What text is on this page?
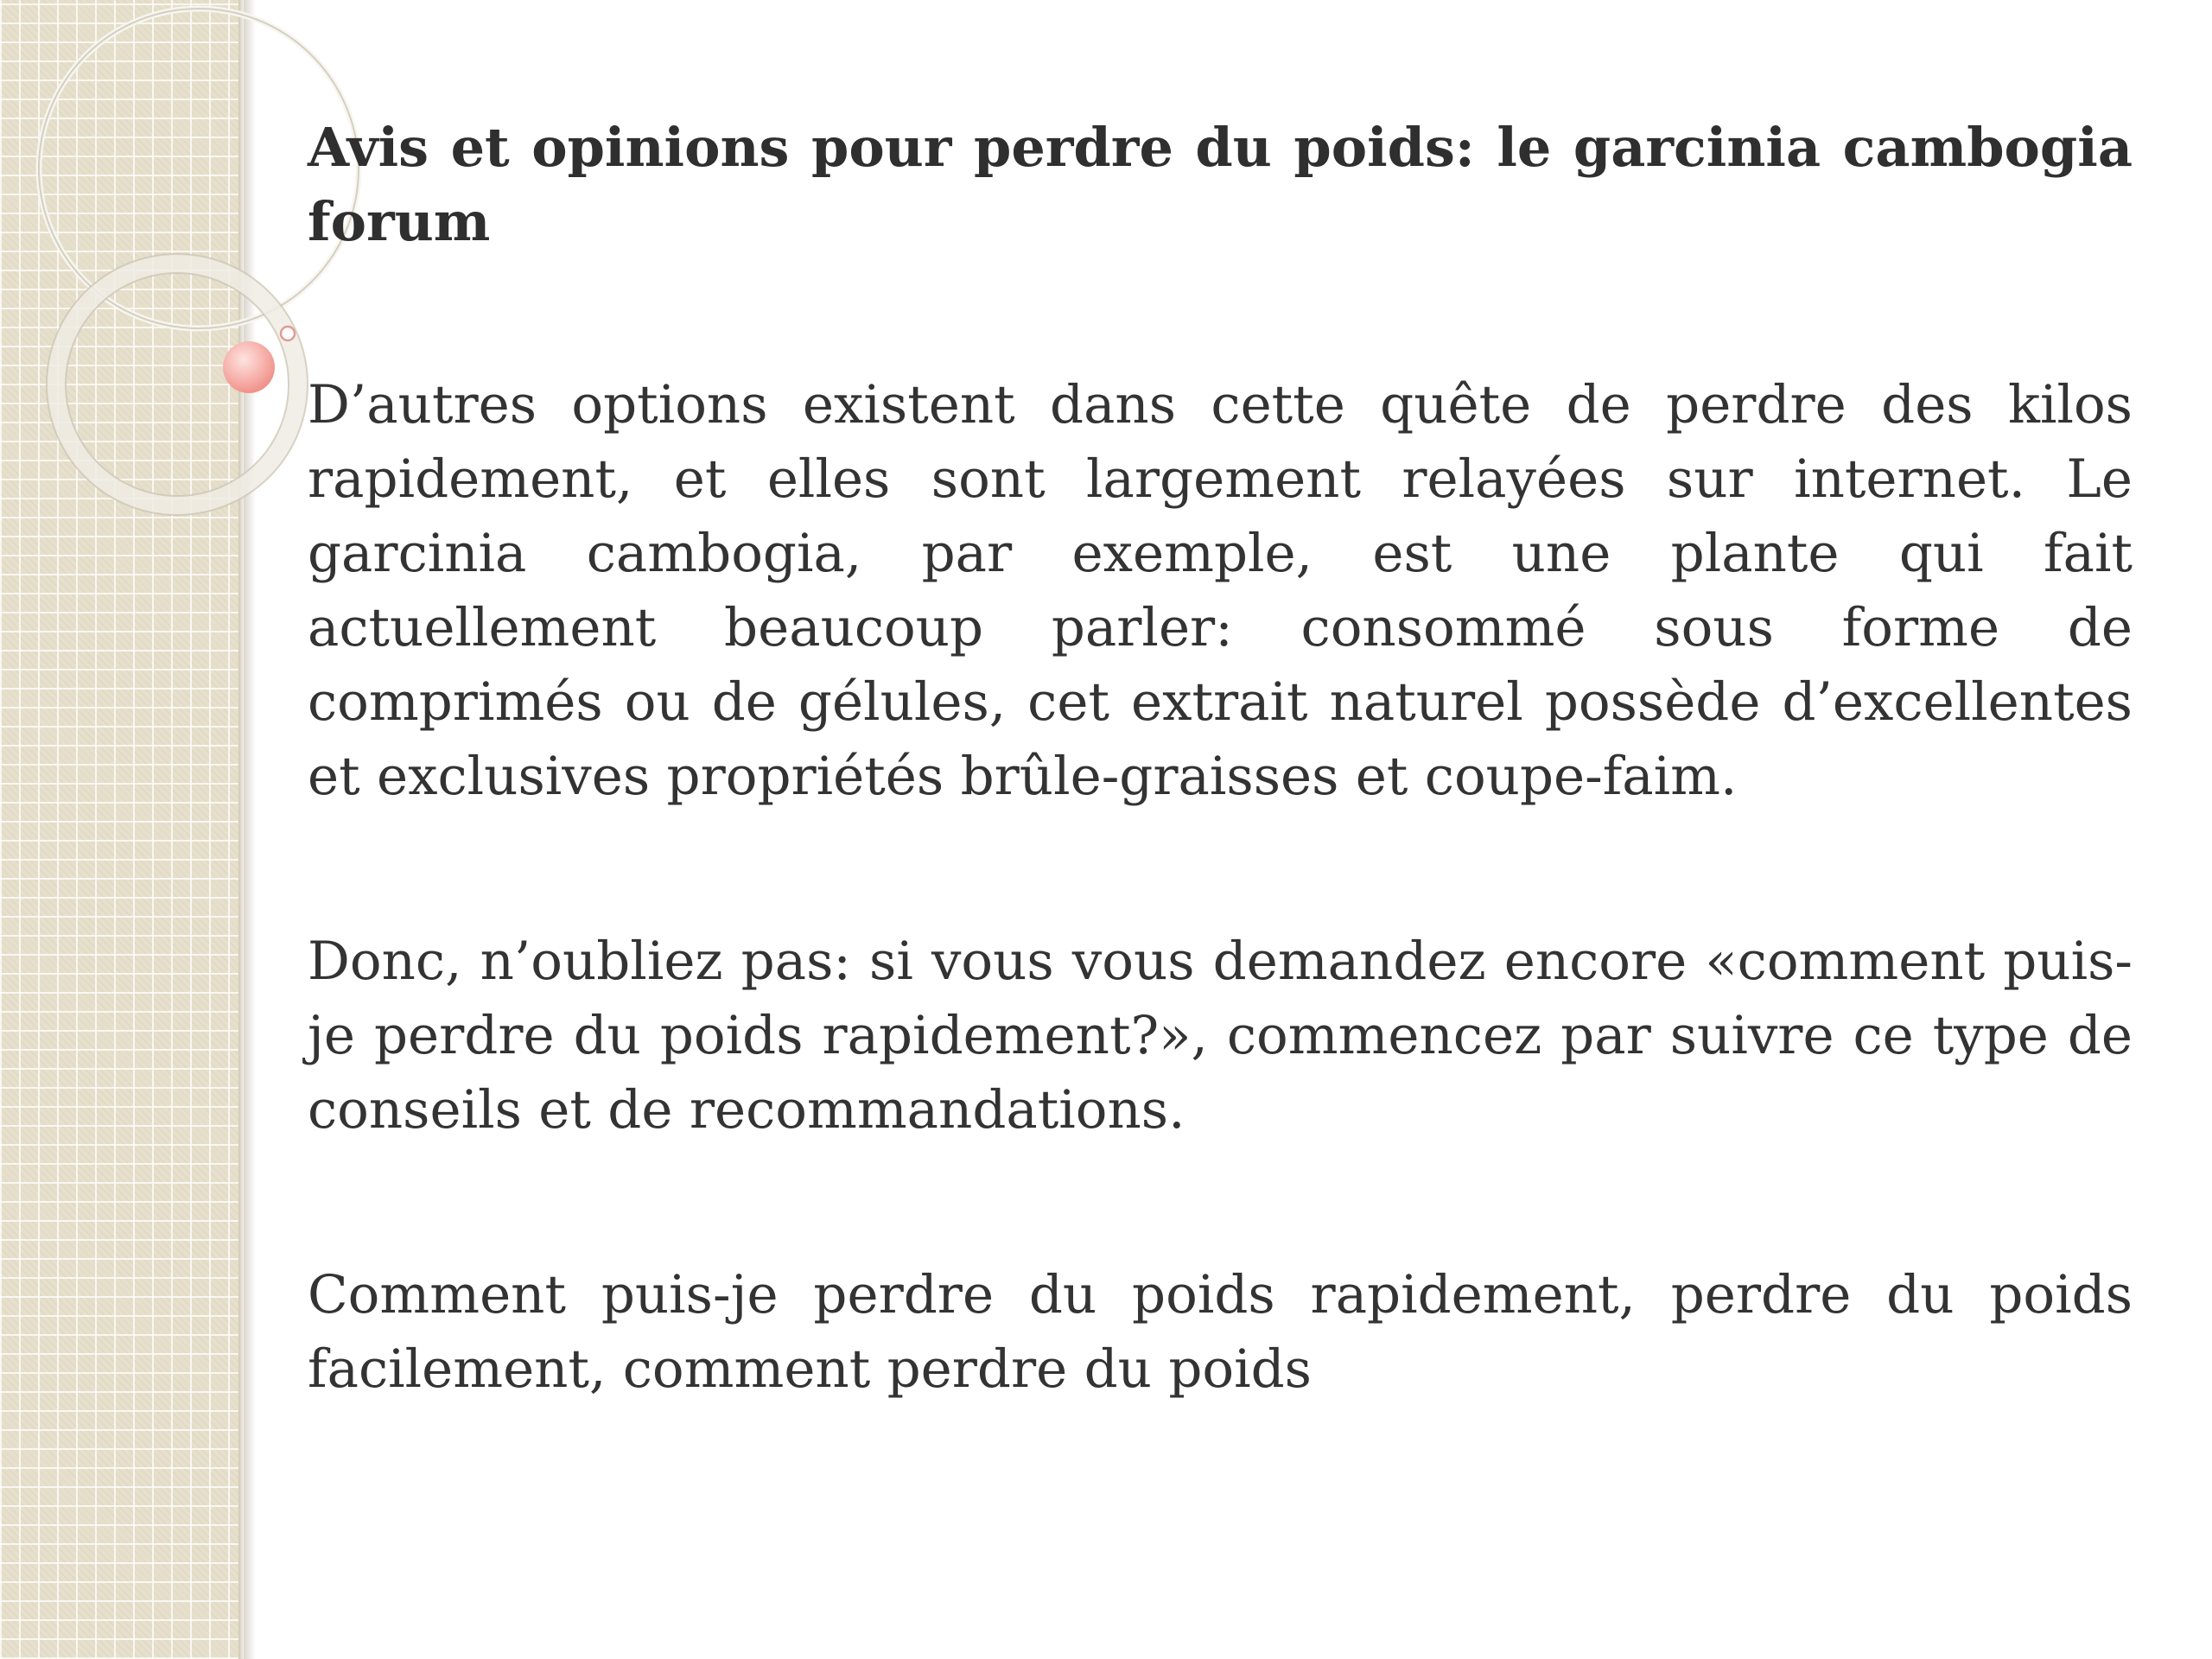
Avis et opinions pour perdre du poids: le garcinia cambogia forum

D’autres options existent dans cette quête de perdre des kilos rapidement, et elles sont largement relayées sur internet. Le garcinia cambogia, par exemple, est une plante qui fait actuellement beaucoup parler: consommé sous forme de comprimés ou de gélules, cet extrait naturel possède d’excellentes et exclusives propriétés brûle-graisses et coupe-faim.

Donc, n’oubliez pas: si vous vous demandez encore «comment puis-je perdre du poids rapidement?», commencez par suivre ce type de conseils et de recommandations.

Comment puis-je perdre du poids rapidement, perdre du poids facilement, comment perdre du poids
